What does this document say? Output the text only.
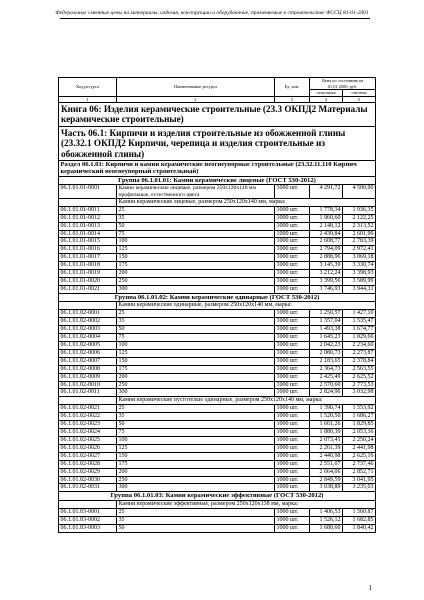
Федеральные сметные цены на материалы, изделия, конструкции и оборудование, применяемые в строительстве ФССЦ 81-01-2001
Код ресурса	Наименование ресурса	Ед. изм.	Цена по состоянию на 01.01.2000, руб.	
			отпускная	сметная
1	2	3	4	5
Книга 06: Изделия керамические строительные (23.3 ОКПД2 Материалы керамические строительные)				
Часть 06.1: Кирпичи и изделия строительные из обожженной глины (23.32.1 ОКПД2 Кирпичи, черепица и изделия строительные из обожженной глины)				
Раздел 06.1.01: Кирпичи и камни керамические неогнеупорные строительные (23.32.11.110 Кирпич керамический неогнеупорный строительный)				
Группа 06.1.01.01: Камни керамические лицевые (ГОСТ 530-2012)				
06.1.01.01-0001	Камни керамические лицевые, размером 250x120x140 мм профильные, естественного цвета	1000 шт.	4 291,72	4 500,00
	Камни керамические лицевые, размером 250x120x140 мм, марка:			
06.1.01.01-0011	25	1000 шт.	1 778,34	1 936,35
06.1.01.01-0012	35	1000 шт.	1 960,60	2 122,25
06.1.01.01-0013	50	1000 шт.	2 148,12	2 313,52
06.1.01.01-0014	75	1000 шт.	2 430,84	2 601,90
06.1.01.01-0015	100	1000 шт.	2 608,77	2 783,39
06.1.01.01-0016	125	1000 шт.	2 794,09	2 972,41
06.1.01.01-0017	150	1000 шт.	2 888,96	3 069,18
06.1.01.01-0018	175	1000 шт.	3 145,39	3 330,74
06.1.01.01-0019	200	1000 шт.	3 212,24	3 398,93
06.1.01.01-0020	250	1000 шт.	3 399,56	3 589,99
06.1.01.01-0021	300	1000 шт.	3 746,93	3 944,31
Группа 06.1.01.02: Камни керамические одинарные (ГОСТ 530-2012)				
	Камни керамические одинарные, размером 250x120x140 мм, марка:			
06.1.01.02-0001	25	1000 шт.	1 250,57	1 427,10
06.1.01.02-0002	35	1000 шт.	1 357,04	1 535,47
06.1.01.02-0003	50	1000 шт.	1 493,38	1 674,77
06.1.01.02-0004	75	1000 шт.	1 645,23	1 829,66
06.1.01.02-0005	100	1000 шт.	2 042,23	2 234,60
06.1.01.02-0006	125	1000 шт.	2 080,73	2 273,87
06.1.01.02-0007	150	1000 шт.	2 183,65	2 378,84
06.1.01.02-0008	175	1000 шт.	2 364,73	2 563,55
06.1.01.02-0009	200	1000 шт.	2 425,49	2 625,52
06.1.01.02-0010	250	1000 шт.	2 570,60	2 773,53
06.1.01.02-0011	300	1000 шт.	2 824,96	3 032,98
	Камни керамические пустотелые одинарные, размером 250x120x140 мм, марка:			
06.1.01.02-0021	25	1000 шт.	1 390,74	1 553,92
06.1.01.02-0022	35	1000 шт.	1 520,50	1 686,27
06.1.01.02-0023	50	1000 шт.	1 661,26	1 829,85
06.1.01.02-0024	75	1000 шт.	1 880,39	2 053,36
06.1.01.02-0025	100	1000 шт.	2 073,41	2 250,24
06.1.01.02-0026	125	1000 шт.	2 261,39	2 441,98
06.1.01.02-0027	150	1000 шт.	2 440,98	2 625,16
06.1.01.02-0028	175	1000 шт.	2 551,07	2 737,46
06.1.01.02-0029	200	1000 шт.	2 664,06	2 852,71
06.1.01.02-0030	250	1000 шт.	2 849,59	3 041,95
06.1.01.02-0031	300	1000 шт.	3 038,89	3 235,03
Группа 06.1.01.03: Камни керамические эффективные (ГОСТ 530-2012)				
	Камни керамические эффективные, размером 250x120x138 мм, марка:			
06.1.01.03-0001	25	1000 шт.	1 406,53	1 560,87
06.1.01.03-0002	35	1000 шт.	1 526,12	1 682,85
06.1.01.03-0003	50	1000 шт.	1 680,60	1 840,42
1
